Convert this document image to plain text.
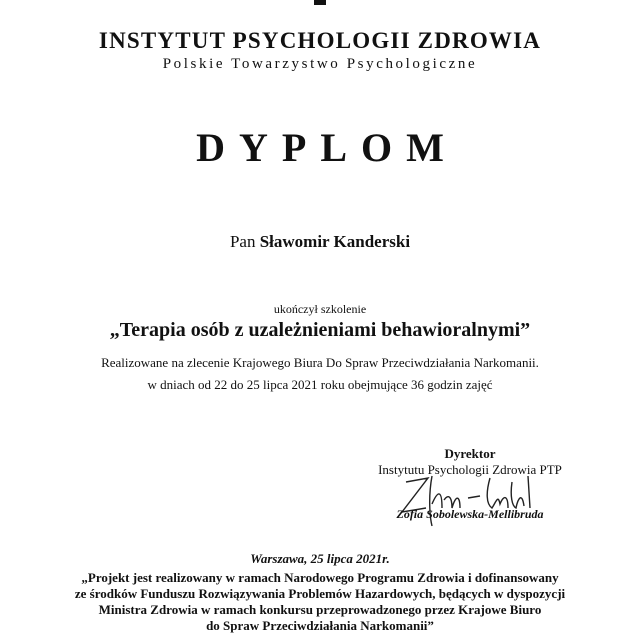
INSTYTUT PSYCHOLOGII ZDROWIA
Polskie Towarzystwo Psychologiczne
DYPLOM
Pan Sławomir Kanderski
ukończył szkolenie
„Terapia osób z uzależnieniami behawioralnymi”
Realizowane na zlecenie Krajowego Biura Do Spraw Przeciwdziałania Narkomanii.
w dniach od 22 do 25 lipca 2021 roku obejmujące 36 godzin zajęć
Dyrektor
Instytutu Psychologii Zdrowia PTP
Zofia Sobolewska-Mellibruda
Warszawa, 25 lipca 2021r.
„Projekt jest realizowany w ramach Narodowego Programu Zdrowia i dofinansowany
ze środków Funduszu Rozwiązywania Problemów Hazardowych, będących w dyspozycji
Ministra Zdrowia w ramach konkursu przeprowadzonego przez Krajowe Biuro
do Spraw Przeciwdziałania Narkomanii”
